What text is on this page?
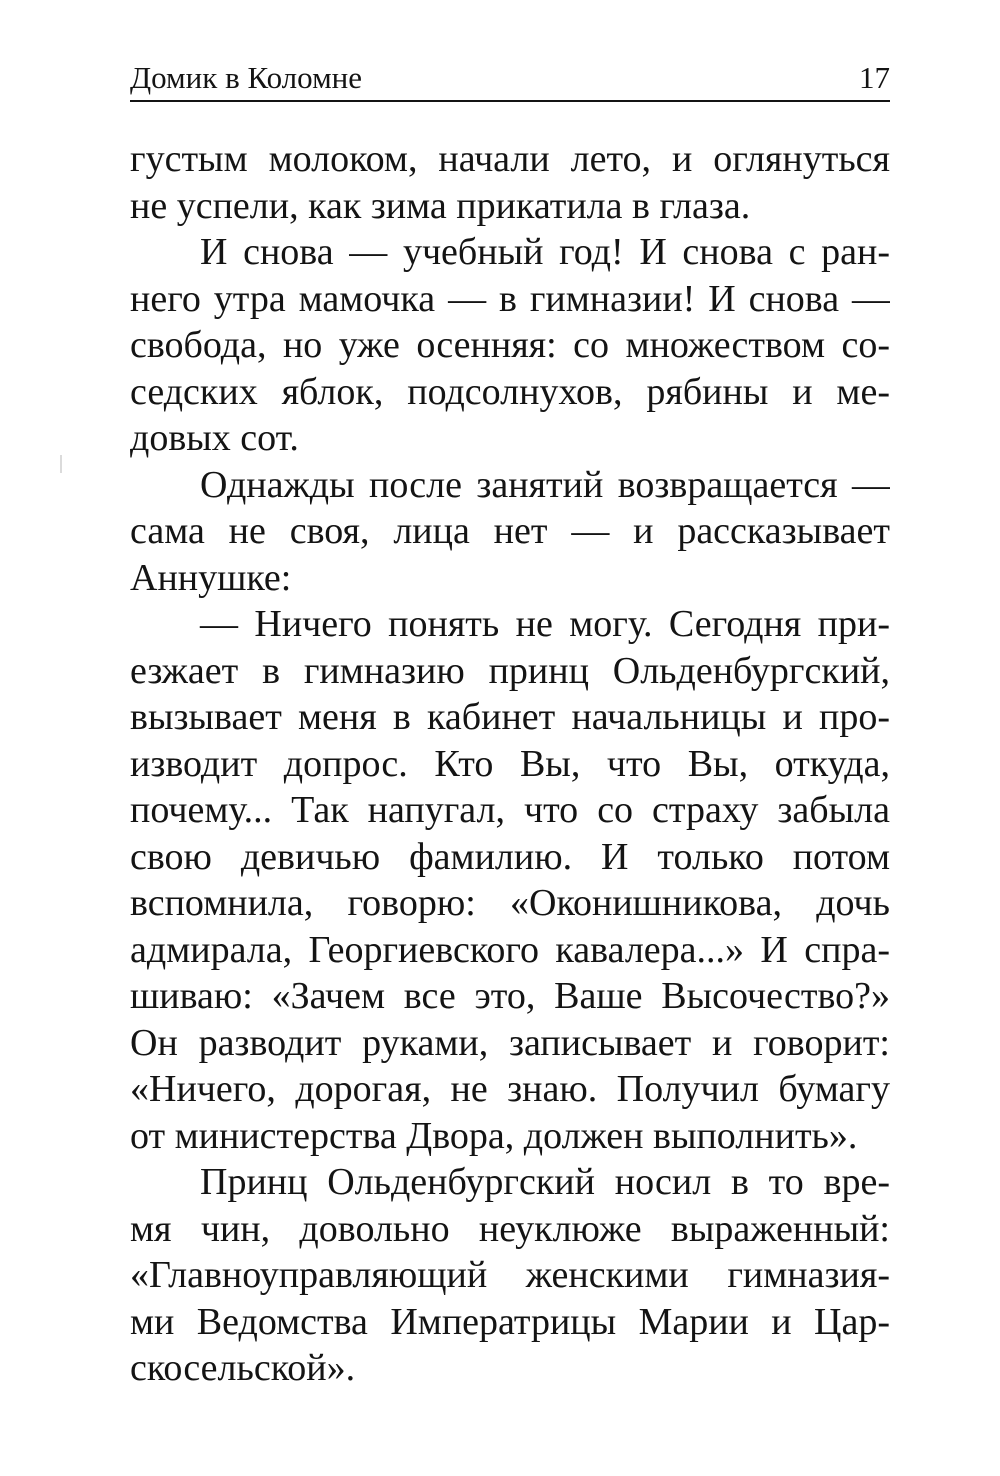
Домик в Коломне	17
густым молоком, начали лето, и оглянуться
не успели, как зима прикатила в глаза.
И снова — учебный год! И снова с ран-
него утра мамочка — в гимназии! И снова —
свобода, но уже осенняя: со множеством со-
седских яблок, подсолнухов, рябины и ме-
довых сот.
Однажды после занятий возвращается —
сама не своя, лица нет — и рассказывает
Аннушке:
— Ничего понять не могу. Сегодня при-
езжает в гимназию принц Ольденбургский,
вызывает меня в кабинет начальницы и про-
изводит допрос. Кто Вы, что Вы, откуда,
почему... Так напугал, что со страху забыла
свою девичью фамилию. И только потом
вспомнила, говорю: «Оконишникова, дочь
адмирала, Георгиевского кавалера...» И спра-
шиваю: «Зачем все это, Ваше Высочество?»
Он разводит руками, записывает и говорит:
«Ничего, дорогая, не знаю. Получил бумагу
от министерства Двора, должен выполнить».
Принц Ольденбургский носил в то вре-
мя чин, довольно неуклюже выраженный:
«Главноуправляющий женскими гимназия-
ми Ведомства Императрицы Марии и Цар-
скосельской».
